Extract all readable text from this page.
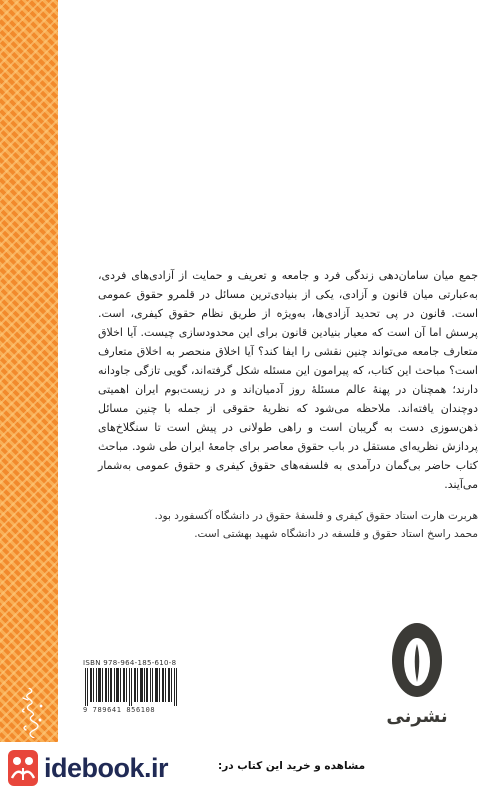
جمع میان سامان‌دهی زندگی فرد و جامعه و تعریف و حمایت از آزادی‌های فردی، به‌عبارتی میان قانون و آزادی، یکی از بنیادی‌ترین مسائل در قلمرو حقوق عمومی است. قانون در پی تحدید آزادی‌ها، به‌ویژه از طریق نظام حقوق کیفری، است. پرسش اما آن است که معیار بنیادین قانون برای این محدودسازی چیست. آیا اخلاق متعارف جامعه می‌تواند چنین نقشی را ایفا کند؟ آیا اخلاق منحصر به اخلاق متعارف است؟ مباحث این کتاب، که پیرامون این مسئله شکل گرفته‌اند، گویی تازگی جاودانه دارند؛ همچنان در پهنهٔ عالم مسئلهٔ روز آدمیان‌اند و در زیست‌بوم ایران اهمیتی دوچندان یافته‌اند. ملاحظه می‌شود که نظریهٔ حقوقی از جمله با چنین مسائل ذهن‌سوزی دست به گریبان است و راهی طولانی در پیش است تا سنگلاخ‌های پردازش نظریه‌ای مستقل در باب حقوق معاصر برای جامعهٔ ایران طی شود. مباحث کتاب حاضر بی‌گمان درآمدی به فلسفه‌های حقوق کیفری و حقوق عمومی به‌شمار می‌آیند.
هربرت هارت استاد حقوق کیفری و فلسفهٔ حقوق در دانشگاه آکسفورد بود.
محمد راسخ استاد حقوق و فلسفه در دانشگاه شهید بهشتی است.
ISBN 978-964-185-610-8
9 789641 856108	نشرنی
idebook.ir	مشاهده و خرید این کتاب در:
